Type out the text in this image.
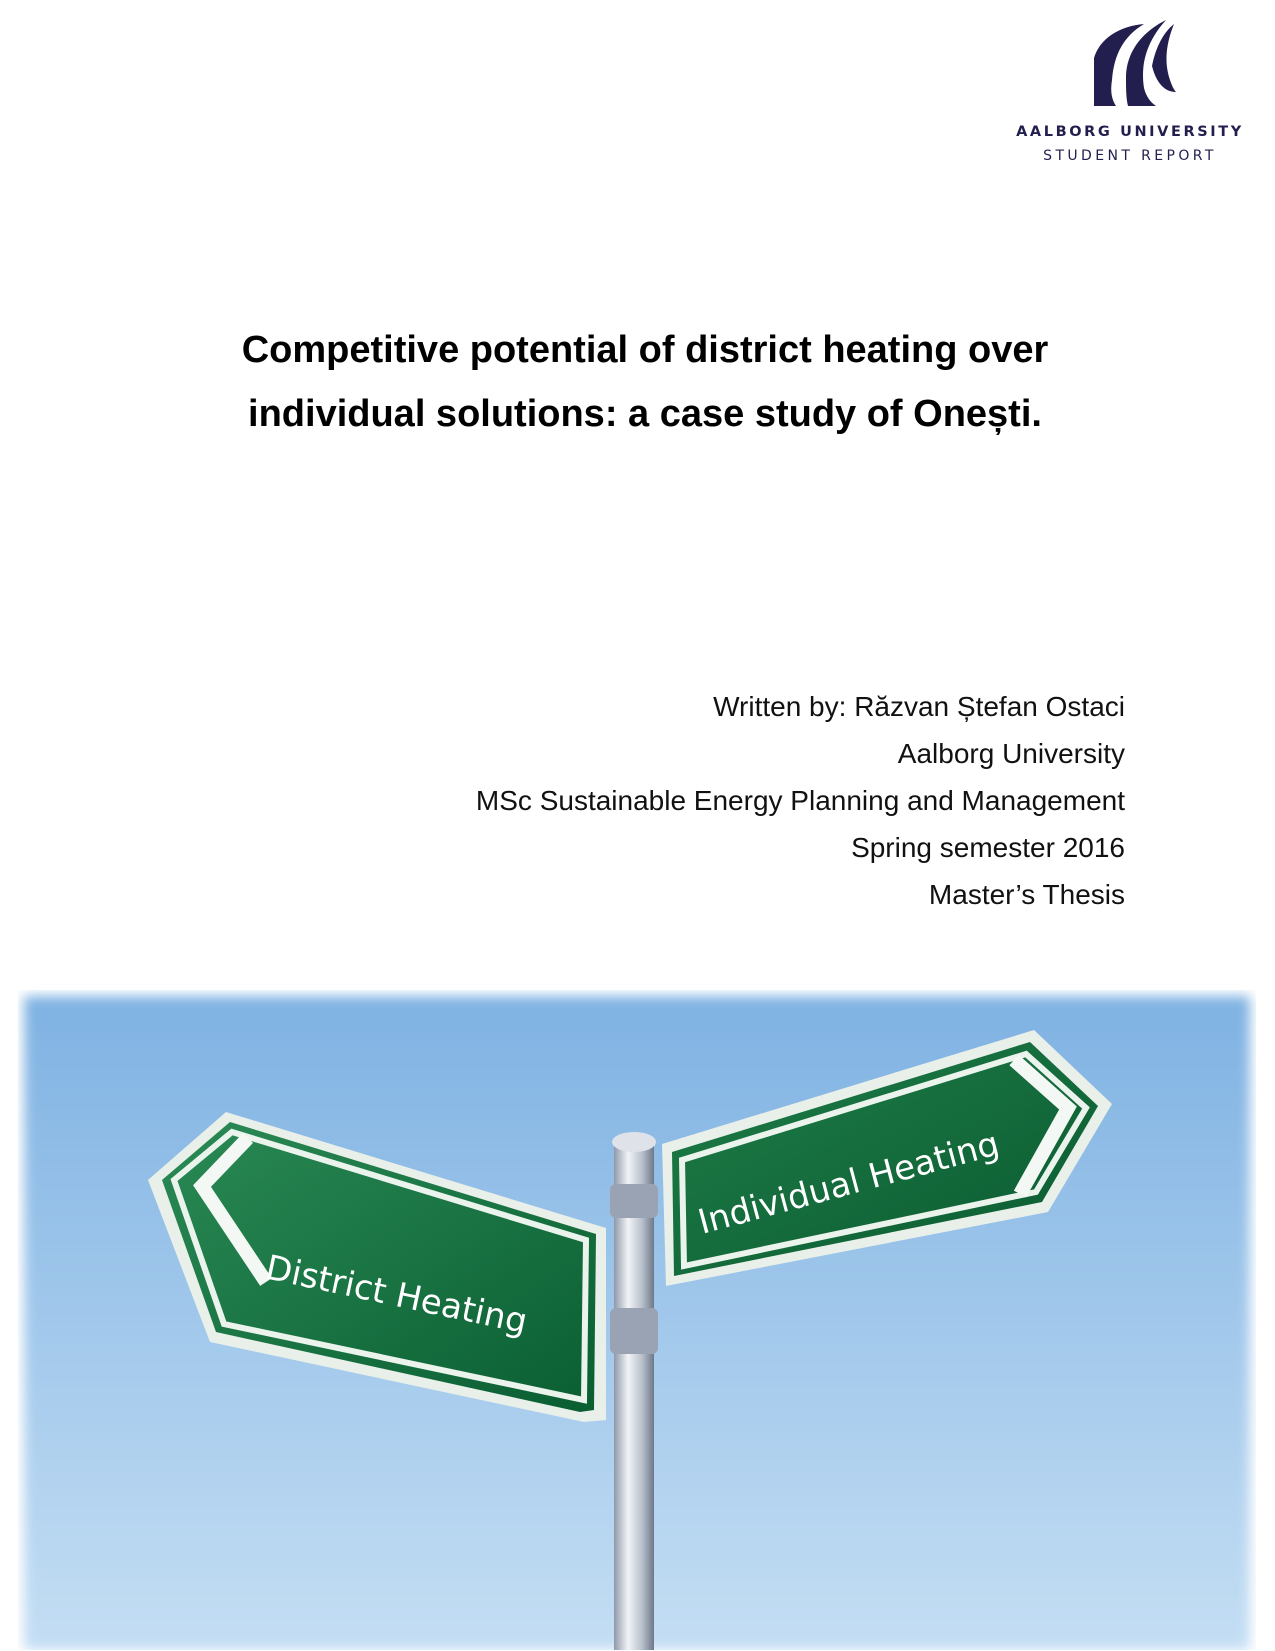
AALBORG UNIVERSITY
STUDENT REPORT
Competitive potential of district heating over
individual solutions: a case study of Onești.
Written by: Răzvan Ștefan Ostaci
Aalborg University
MSc Sustainable Energy Planning and Management
Spring semester 2016
Master’s Thesis
District Heating
Individual Heating
